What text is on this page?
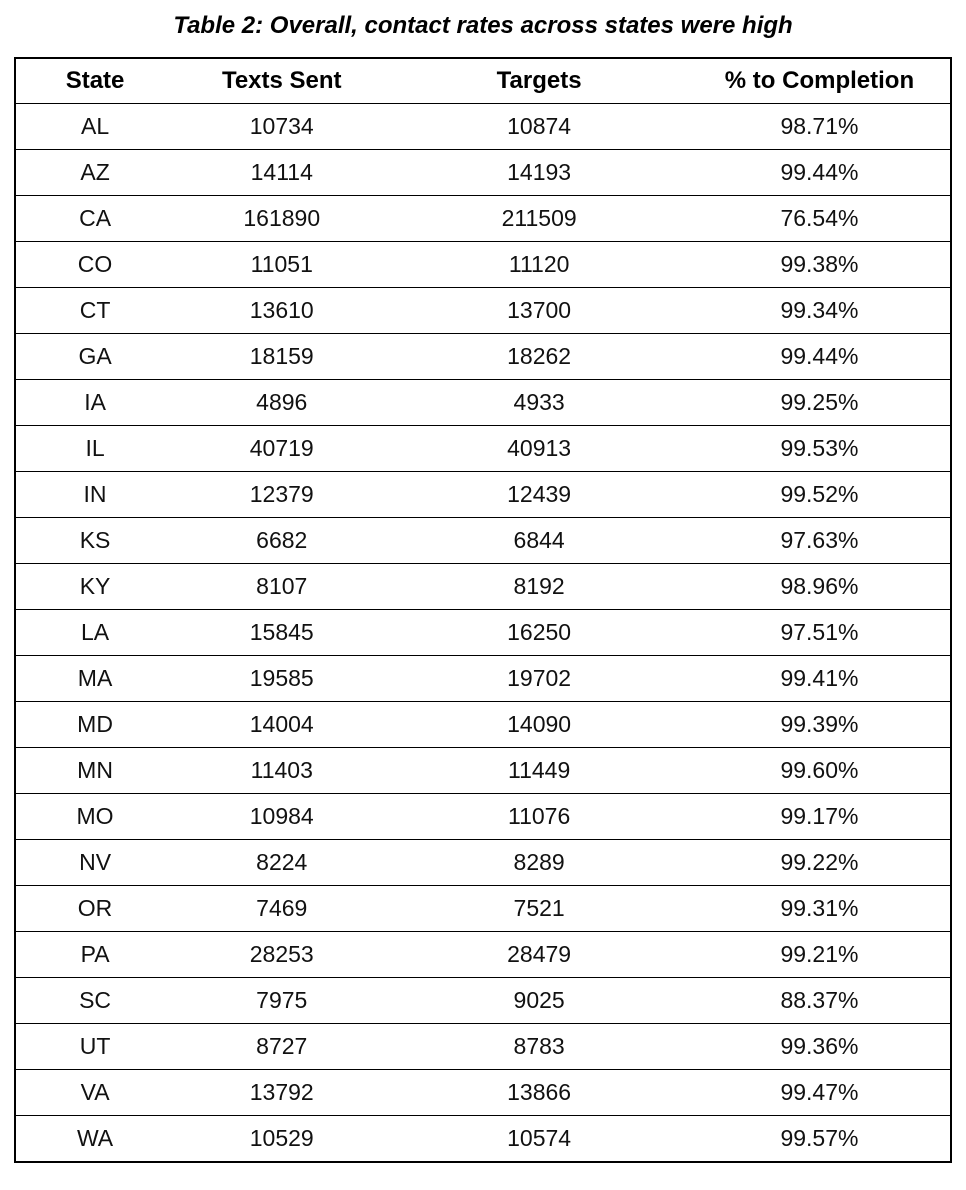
Table 2: Overall, contact rates across states were high
State	Texts Sent	Targets	% to Completion
AL	10734	10874	98.71%
AZ	14114	14193	99.44%
CA	161890	211509	76.54%
CO	11051	11120	99.38%
CT	13610	13700	99.34%
GA	18159	18262	99.44%
IA	4896	4933	99.25%
IL	40719	40913	99.53%
IN	12379	12439	99.52%
KS	6682	6844	97.63%
KY	8107	8192	98.96%
LA	15845	16250	97.51%
MA	19585	19702	99.41%
MD	14004	14090	99.39%
MN	11403	11449	99.60%
MO	10984	11076	99.17%
NV	8224	8289	99.22%
OR	7469	7521	99.31%
PA	28253	28479	99.21%
SC	7975	9025	88.37%
UT	8727	8783	99.36%
VA	13792	13866	99.47%
WA	10529	10574	99.57%
